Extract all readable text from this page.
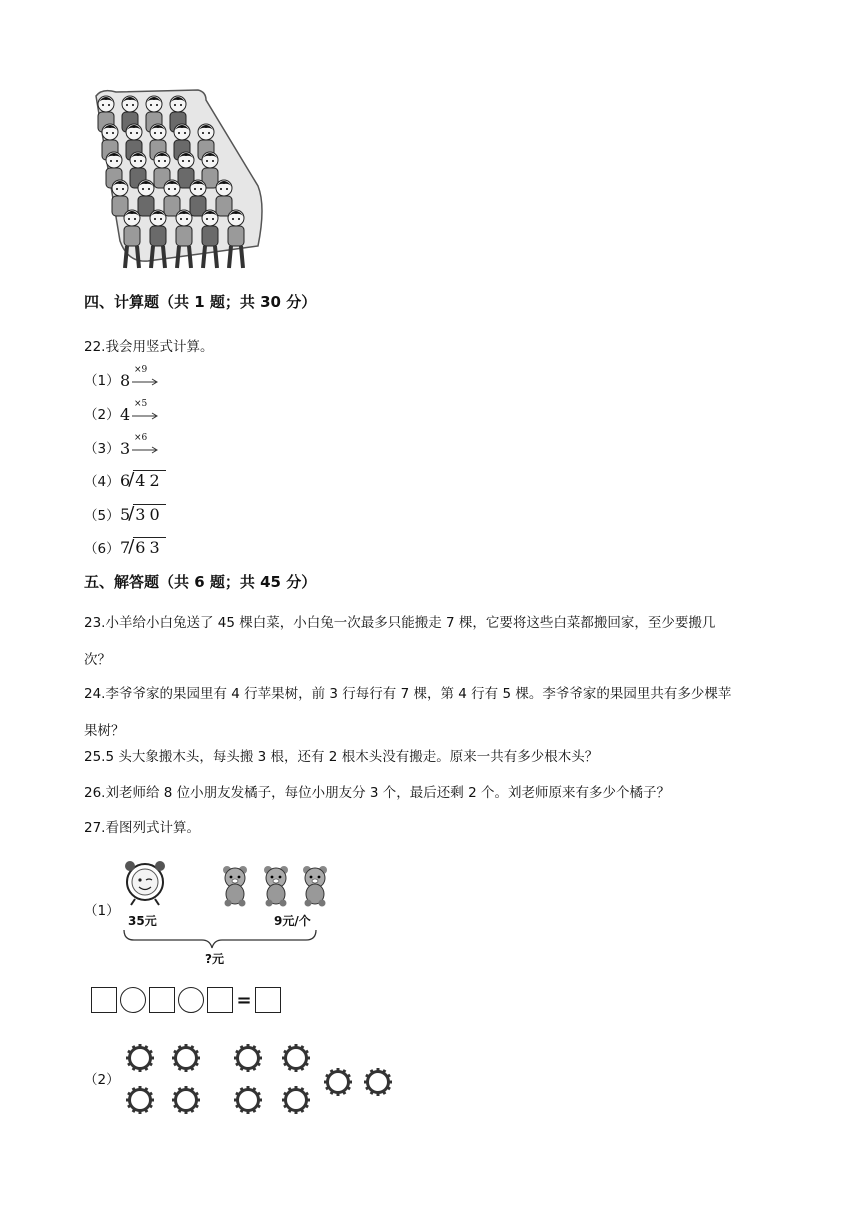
四、计算题（共 1 题；共 30 分）
22.我会用竖式计算。
（1） 8
×9
（2） 4
×5
（3） 3
×6
（4） 6
/ 42
（5） 5
/ 30
（6） 7
/ 63
五、解答题（共 6 题；共 45 分）
23.小羊给小白兔送了 45 棵白菜，小白兔一次最多只能搬走 7 棵，它要将这些白菜都搬回家，至少要搬几
次？
24.李爷爷家的果园里有 4 行苹果树，前 3 行每行有 7 棵，第 4 行有 5 棵。李爷爷家的果园里共有多少棵苹
果树？
25.5 头大象搬木头，每头搬 3 根，还有 2 根木头没有搬走。原来一共有多少根木头？
26.刘老师给 8 位小朋友发橘子，每位小朋友分 3 个，最后还剩 2 个。刘老师原来有多少个橘子？
27.看图列式计算。
（1）
35元	9元/个
?元
=
（2）
